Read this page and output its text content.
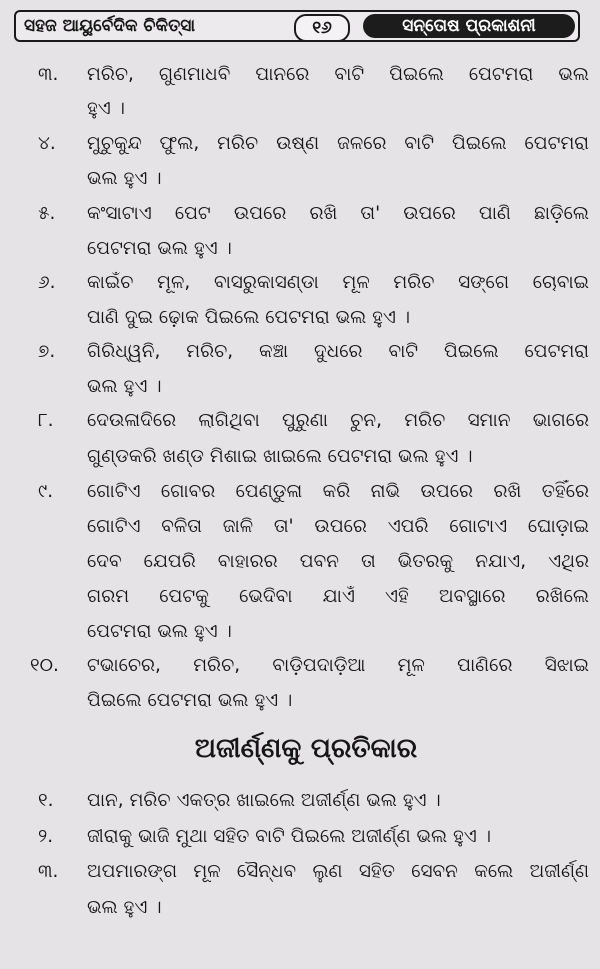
ସହଜ ଆୟୁର୍ବେଦିକ ଚିକିତ୍ସା	୧୬	ସନ୍ତୋଷ ପ୍ରକାଶନୀ
୩. ମରିଚ, ଗୁଣମାଧବି ପାନରେ ବାଟି ପିଇଲେ ପେଟମରା ଭଲ
ହୁଏ ।
୪. ମୁଚୁକୁନ୍ଦ ଫୁଲ, ମରିଚ ଉଷ୍ଣ ଜଳରେ ବାଟି ପିଇଲେ ପେଟମରା
ଭଲ ହୁଏ ।
୫. କଂସାଟାଏ ପେଟ ଉପରେ ରଖି ତା' ଉପରେ ପାଣି ଛାଡ଼ିଲେ
ପେଟମରା ଭଲ ହୁଏ ।
୬. କାଇଁଚ ମୂଳ, ବାସରୁକାସଣ୍ଡା ମୂଳ ମରିଚ ସଙ୍ଗେ ଚୋବାଇ
ପାଣି ଦୁଇ ଢ଼ୋକ ପିଇଲେ ପେଟମରା ଭଲ ହୁଏ ।
୭. ଗିରିଧ୍ୱନି, ମରିଚ, କଞ୍ଚା ଦୁଧରେ ବାଟି ପିଇଲେ ପେଟମରା
ଭଲ ହୁଏ ।
୮. ଦେଉଳାଦିରେ ଲାଗିଥିବା ପୁରୁଣା ଚୁନ, ମରିଚ ସମାନ ଭାଗରେ
ଗୁଣ୍ଡକରି ଖଣ୍ଡ ମିଶାଇ ଖାଇଲେ ପେଟମରା ଭଲ ହୁଏ ।
୯. ଗୋଟିଏ ଗୋବର ପେଣ୍ଡୁଳା କରି ନାଭି ଉପରେ ରଖି ତହିଁରେ
ଗୋଟିଏ ବଳିତା ଜାଳି ତା' ଉପରେ ଏପରି ଗୋଟାଏ ଘୋଡ଼ାଇ
ଦେବ ଯେପରି ବାହାରର ପବନ ତା ଭିତରକୁ ନଯାଏ, ଏଥିର
ଗରମ ପେଟକୁ ଭେଦିବା ଯାଏଁ ଏହି ଅବସ୍ଥାରେ ରଖିଲେ
ପେଟମରା ଭଲ ହୁଏ ।
୧୦. ଟଭାଚେର, ମରିଚ, ବାଡ଼ିପଦାଡ଼ିଆ ମୂଳ ପାଣିରେ ସିଝାଇ
ପିଇଲେ ପେଟମରା ଭଲ ହୁଏ ।
ଅଜୀର୍ଣ୍ଣକୁ ପ୍ରତିକାର
୧. ପାନ, ମରିଚ ଏକତ୍ର ଖାଇଲେ ଅଜୀର୍ଣ୍ଣ ଭଲ ହୁଏ ।
୨. ଜୀରାକୁ ଭାଜି ମୁଥା ସହିତ ବାଟି ପିଇଲେ ଅଜୀର୍ଣ୍ଣ ଭଲ ହୁଏ ।
୩. ଅପମାରଙ୍ଗ ମୂଳ ସୈନ୍ଧବ ଲୁଣ ସହିତ ସେବନ କଲେ ଅଜୀର୍ଣ୍ଣ
ଭଲ ହୁଏ ।
